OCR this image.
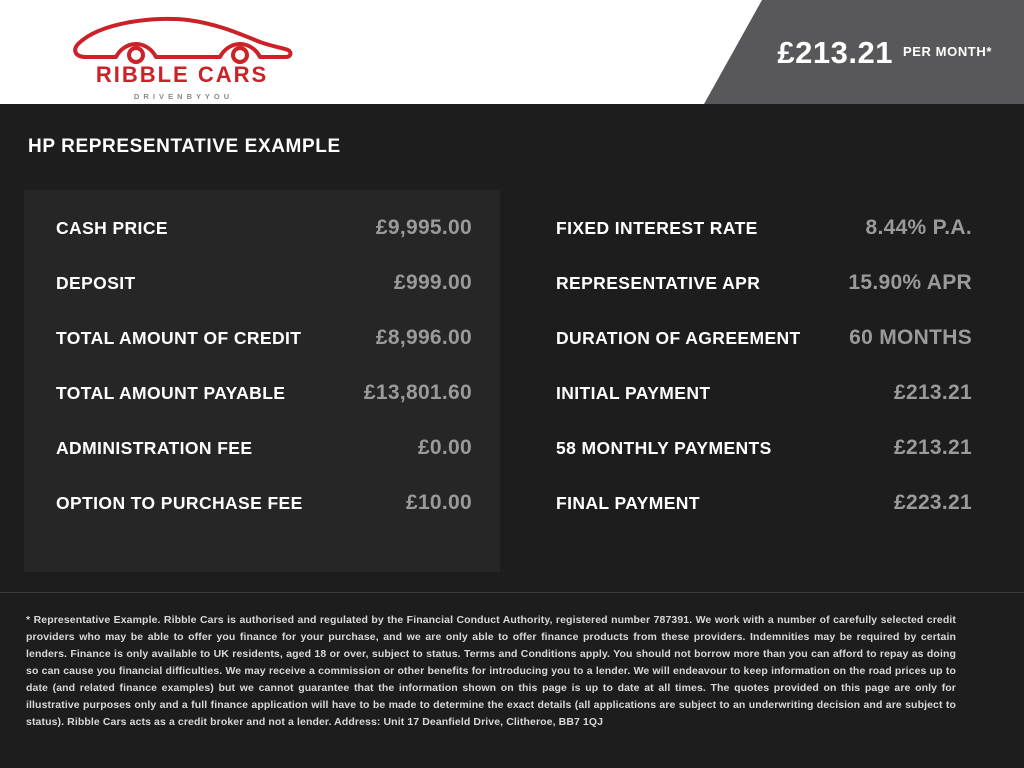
RIBBLE CARS
D R I V E N B Y Y O U
£213.21 PER MONTH*
HP REPRESENTATIVE EXAMPLE
CASH PRICE	£9,995.00
DEPOSIT	£999.00
TOTAL AMOUNT OF CREDIT	£8,996.00
TOTAL AMOUNT PAYABLE	£13,801.60
ADMINISTRATION FEE	£0.00
OPTION TO PURCHASE FEE	£10.00
FIXED INTEREST RATE	8.44% P.A.
REPRESENTATIVE APR	15.90% APR
DURATION OF AGREEMENT 60 MONTHS
INITIAL PAYMENT	£213.21
58 MONTHLY PAYMENTS	£213.21
FINAL PAYMENT	£223.21
* Representative Example. Ribble Cars is authorised and regulated by the Financial Conduct Authority, registered number 787391. We work with a number of carefully selected credit providers who may be able to offer you finance for your purchase, and we are only able to offer finance products from these providers. Indemnities may be required by certain lenders. Finance is only available to UK residents, aged 18 or over, subject to status. Terms and Conditions apply. You should not borrow more than you can afford to repay as doing so can cause you financial difficulties. We may receive a commission or other benefits for introducing you to a lender. We will endeavour to keep information on the road prices up to date (and related finance examples) but we cannot guarantee that the information shown on this page is up to date at all times. The quotes provided on this page are only for illustrative purposes only and a full finance application will have to be made to determine the exact details (all applications are subject to an underwriting decision and are subject to status). Ribble Cars acts as a credit broker and not a lender. Address: Unit 17 Deanfield Drive, Clitheroe, BB7 1QJ
